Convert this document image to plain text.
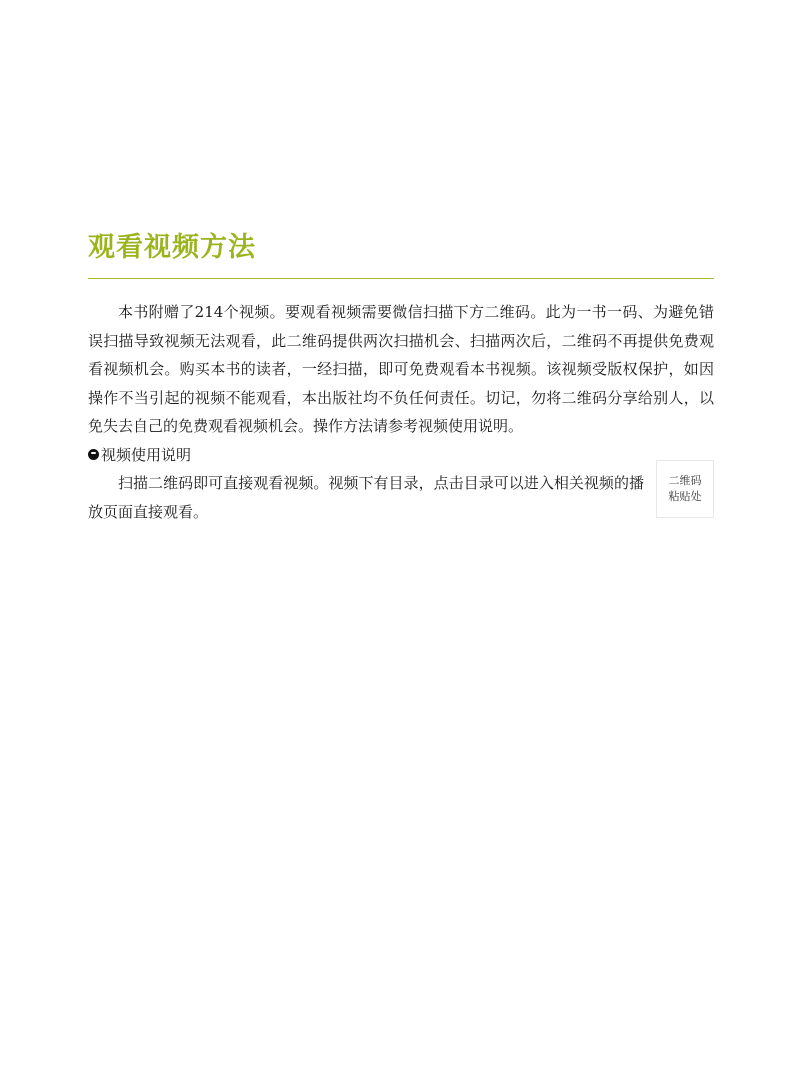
观看视频方法

本书附赠了214个视频。要观看视频需要微信扫描下方二维码。此为一书一码、为避免错误扫描导致视频无法观看，此二维码提供两次扫描机会、扫描两次后，二维码不再提供免费观看视频机会。购买本书的读者，一经扫描，即可免费观看本书视频。该视频受版权保护，如因操作不当引起的视频不能观看，本出版社均不负任何责任。切记，勿将二维码分享给别人，以免失去自己的免费观看视频机会。操作方法请参考视频使用说明。

视频使用说明

扫描二维码即可直接观看视频。视频下有目录，点击目录可以进入相关视频的播放页面直接观看。

二维码
粘贴处
